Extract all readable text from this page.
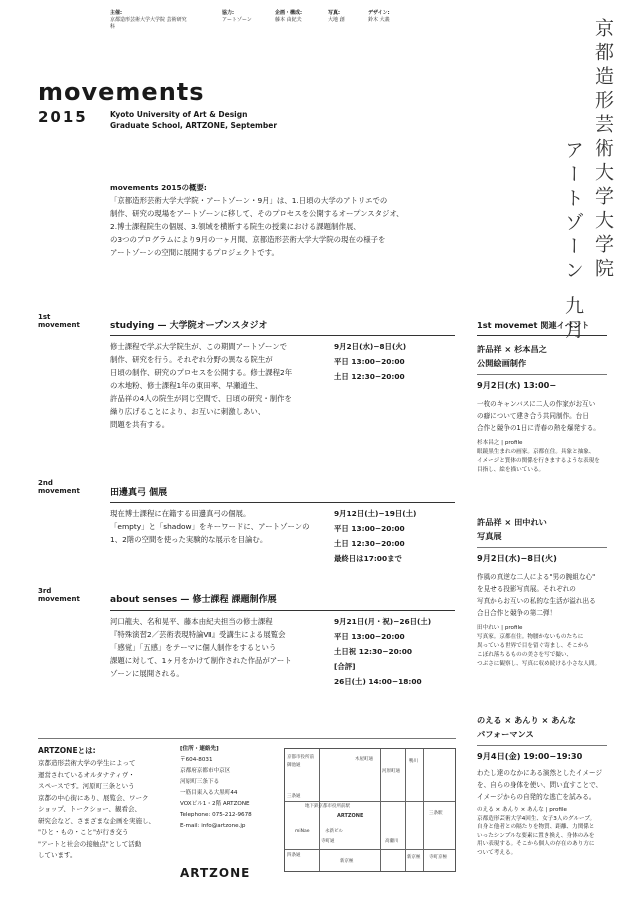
主催:
京都造形芸術大学大学院 芸術研究科
協力:
アートゾーン
企画・構成:
藤本 由紀夫
写真:
大地 創
デザイン:
鈴木 大義	京都造形芸術大学大学院
アートゾーン 九月
movements
2015	Kyoto University of Art & Design
Graduate School, ARTZONE, September
movements 2015の概要:
「京都造形芸術大学大学院・アートゾーン・9月」は、1.日頃の大学のアトリエでの
制作、研究の現場をアートゾーンに移して、そのプロセスを公開するオープンスタジオ、
2.博士課程院生の個展、3.領域を横断する院生の授業における課題制作展、
の3つのプログラムにより9月の一ヶ月間、京都造形芸術大学大学院の現在の様子を
アートゾーンの空間に展開するプロジェクトです。
1st
movement	studying — 大学院オープンスタジオ
修士課程で学ぶ大学院生が、この期間アートゾーンで
制作、研究を行う。それぞれ分野の異なる院生が
日頃の制作、研究のプロセスを公開する。修士課程2年
の木地粉、修士課程1年の東田率、早瀬道生、
許品祥の4人の院生が同じ空間で、日頃の研究・制作を
繰り広げることにより、お互いに刺激しあい、
問題を共有する。
9月2日(水)−8日(火)
平日 13:00−20:00
土日 12:30−20:00
2nd
movement	田邊真弓 個展
現在博士課程に在籍する田邊真弓の個展。
「empty」と「shadow」をキーワードに、アートゾーンの
1、2階の空間を使った実験的な展示を目論む。
9月12日(土)−19日(土)
平日 13:00−20:00
土日 12:30−20:00
最終日は17:00まで
3rd
movement	about senses — 修士課程 課題制作展
河口龍夫、名和晃平、藤本由紀夫担当の修士課程
『特殊演習2／芸術表現特論Ⅶ』受講生による展覧会
「感覚」「五感」をテーマに個人制作をするという
課題に対して、1ヶ月をかけて制作された作品がアート
ゾーンに展開される。
9月21日(月・祝)−26日(土)
平日 13:00−20:00
土日祝 12:30−20:00
[合評]
26日(土) 14:00−18:00
1st movemet 関連イベント
許品祥 × 杉本昌之
公開絵画制作
9月2日(水) 13:00−
一枚のキャンバスに二人の作家がお互い
の癖について建き合う共同制作。台日
合作と競争の1日に青春の熱を爆発する。
杉本昌之 | profile
眼鏡黒生まれの画家。京都在住。具象と抽象、
イメージと質体の関係を行きまするような表現を
目指し、絵を描いている。
許品祥 × 田中れい
写真展
9月2日(水)−8日(火)
作風の真逆な二人による"男の腕組な心"
を見せる投影写真展。それぞれの
写真からお互いの私的な生活が溢れ出る
合日合作と競争の第二弾！
田中れい | profile
写真家。京都在住。物腰かないものたちに
異っている世界で目を留ぐ寄まし、そこから
こぼれ落ちるものの美さを写で撮い、
つぶさに観察し、写真に収め続ける小さな人間。
のえる × あんり × あんな
パフォーマンス
9月4日(金) 19:00−19:30
わたし達のなかにある演然としたイメージ
を、自らの身体を使い、問い直すことで、
イメージからの自発的な逃亡を試みる。
のえる × あんり × あんな | profile
京都造形芸術大学4回生、女子3人のグループ。
自身と他者との隔たりを物質、距離、力関係と
いったシンプルな要素に置き換え、身体のみを
用い表現する。そこから個人の存在のあり方に
ついて考える。
ARTZONEとは:
京都造形芸術大学の学生によって
運営されているオルタナティヴ・
スペースです。河原町三条という
京都の中心街にあり、展覧会、ワーク
ショップ、トークショー、観看会、
研究会など、さまざまな企画を実施し、
"ひと・もの・こと"が行き交う
"アートと社会の接触点"として活動
しています。
[住所・連絡先]
〒604-8031
京都府京都市中京区
河原町三条下る
一筋目東入る大黒町44
VOXビル1・2階 ARTZONE
Telephone: 075-212-9678
E-mail: info@artzone.jp
ARTZONE
京都市役所前
御池通
木屋町通
河原町通
三条通
地下鉄京都市役所前駅
ARTZONE
miNae	永新ビル
寺町通
新京極
高瀬川
鴨川
三条駅
四条通	新京極 寺町京極
